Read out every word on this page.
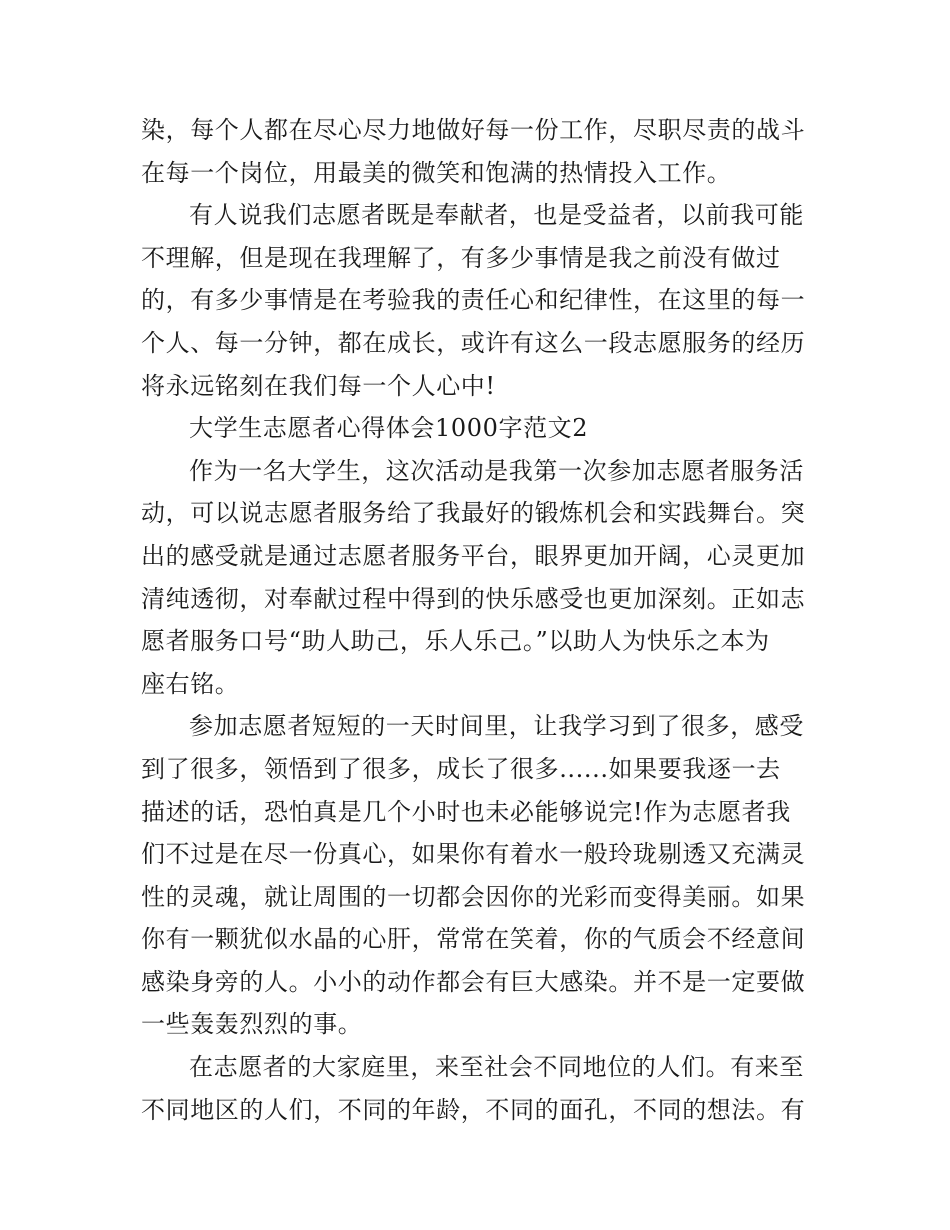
染，每个人都在尽心尽力地做好每一份工作，尽职尽责的战斗
在每一个岗位，用最美的微笑和饱满的热情投入工作。
有人说我们志愿者既是奉献者，也是受益者，以前我可能
不理解，但是现在我理解了，有多少事情是我之前没有做过
的，有多少事情是在考验我的责任心和纪律性，在这里的每一
个人、每一分钟，都在成长，或许有这么一段志愿服务的经历
将永远铭刻在我们每一个人心中!
大学生志愿者心得体会1000字范文2
作为一名大学生，这次活动是我第一次参加志愿者服务活
动，可以说志愿者服务给了我最好的锻炼机会和实践舞台。突
出的感受就是通过志愿者服务平台，眼界更加开阔，心灵更加
清纯透彻，对奉献过程中得到的快乐感受也更加深刻。正如志
愿者服务口号“助人助己，乐人乐己。”以助人为快乐之本为
座右铭。
参加志愿者短短的一天时间里，让我学习到了很多，感受
到了很多，领悟到了很多，成长了很多......如果要我逐一去
描述的话，恐怕真是几个小时也未必能够说完!作为志愿者我
们不过是在尽一份真心，如果你有着水一般玲珑剔透又充满灵
性的灵魂，就让周围的一切都会因你的光彩而变得美丽。如果
你有一颗犹似水晶的心肝，常常在笑着，你的气质会不经意间
感染身旁的人。小小的动作都会有巨大感染。并不是一定要做
一些轰轰烈烈的事。
在志愿者的大家庭里，来至社会不同地位的人们。有来至
不同地区的人们，不同的年龄，不同的面孔，不同的想法。有
